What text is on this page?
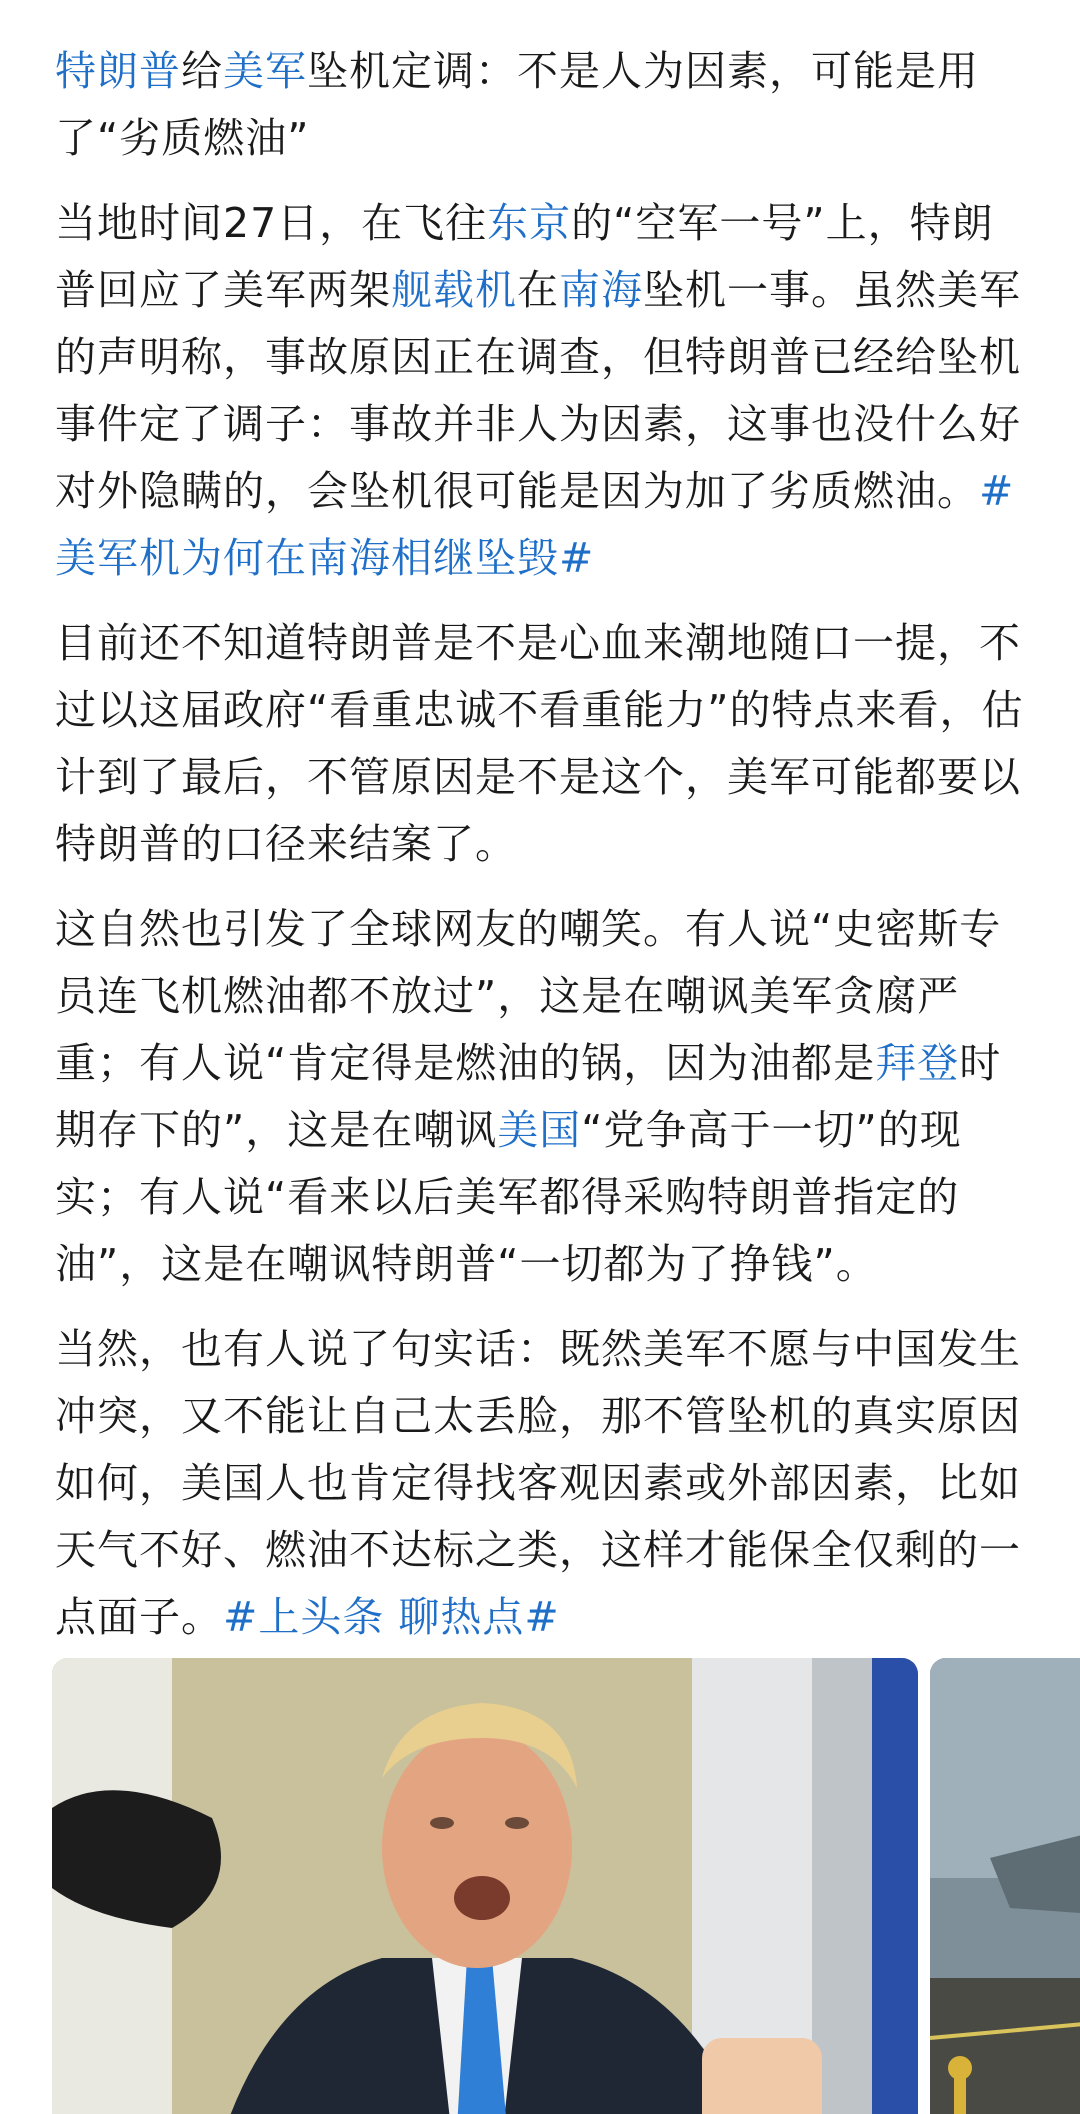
特朗普给美军坠机定调：不是人为因素，可能是用了“劣质燃油”

当地时间27日，在飞往东京的“空军一号”上，特朗普回应了美军两架舰载机在南海坠机一事。虽然美军的声明称，事故原因正在调查，但特朗普已经给坠机事件定了调子：事故并非人为因素，这事也没什么好对外隐瞒的，会坠机很可能是因为加了劣质燃油。#美军机为何在南海相继坠毁#

目前还不知道特朗普是不是心血来潮地随口一提，不过以这届政府“看重忠诚不看重能力”的特点来看，估计到了最后，不管原因是不是这个，美军可能都要以特朗普的口径来结案了。

这自然也引发了全球网友的嘲笑。有人说“史密斯专员连飞机燃油都不放过”，这是在嘲讽美军贪腐严重；有人说“肯定得是燃油的锅，因为油都是拜登时期存下的”，这是在嘲讽美国“党争高于一切”的现实；有人说“看来以后美军都得采购特朗普指定的油”，这是在嘲讽特朗普“一切都为了挣钱”。

当然，也有人说了句实话：既然美军不愿与中国发生冲突，又不能让自己太丢脸，那不管坠机的真实原因如何，美国人也肯定得找客观因素或外部因素，比如天气不好、燃油不达标之类，这样才能保全仅剩的一点面子。#上头条 聊热点#
